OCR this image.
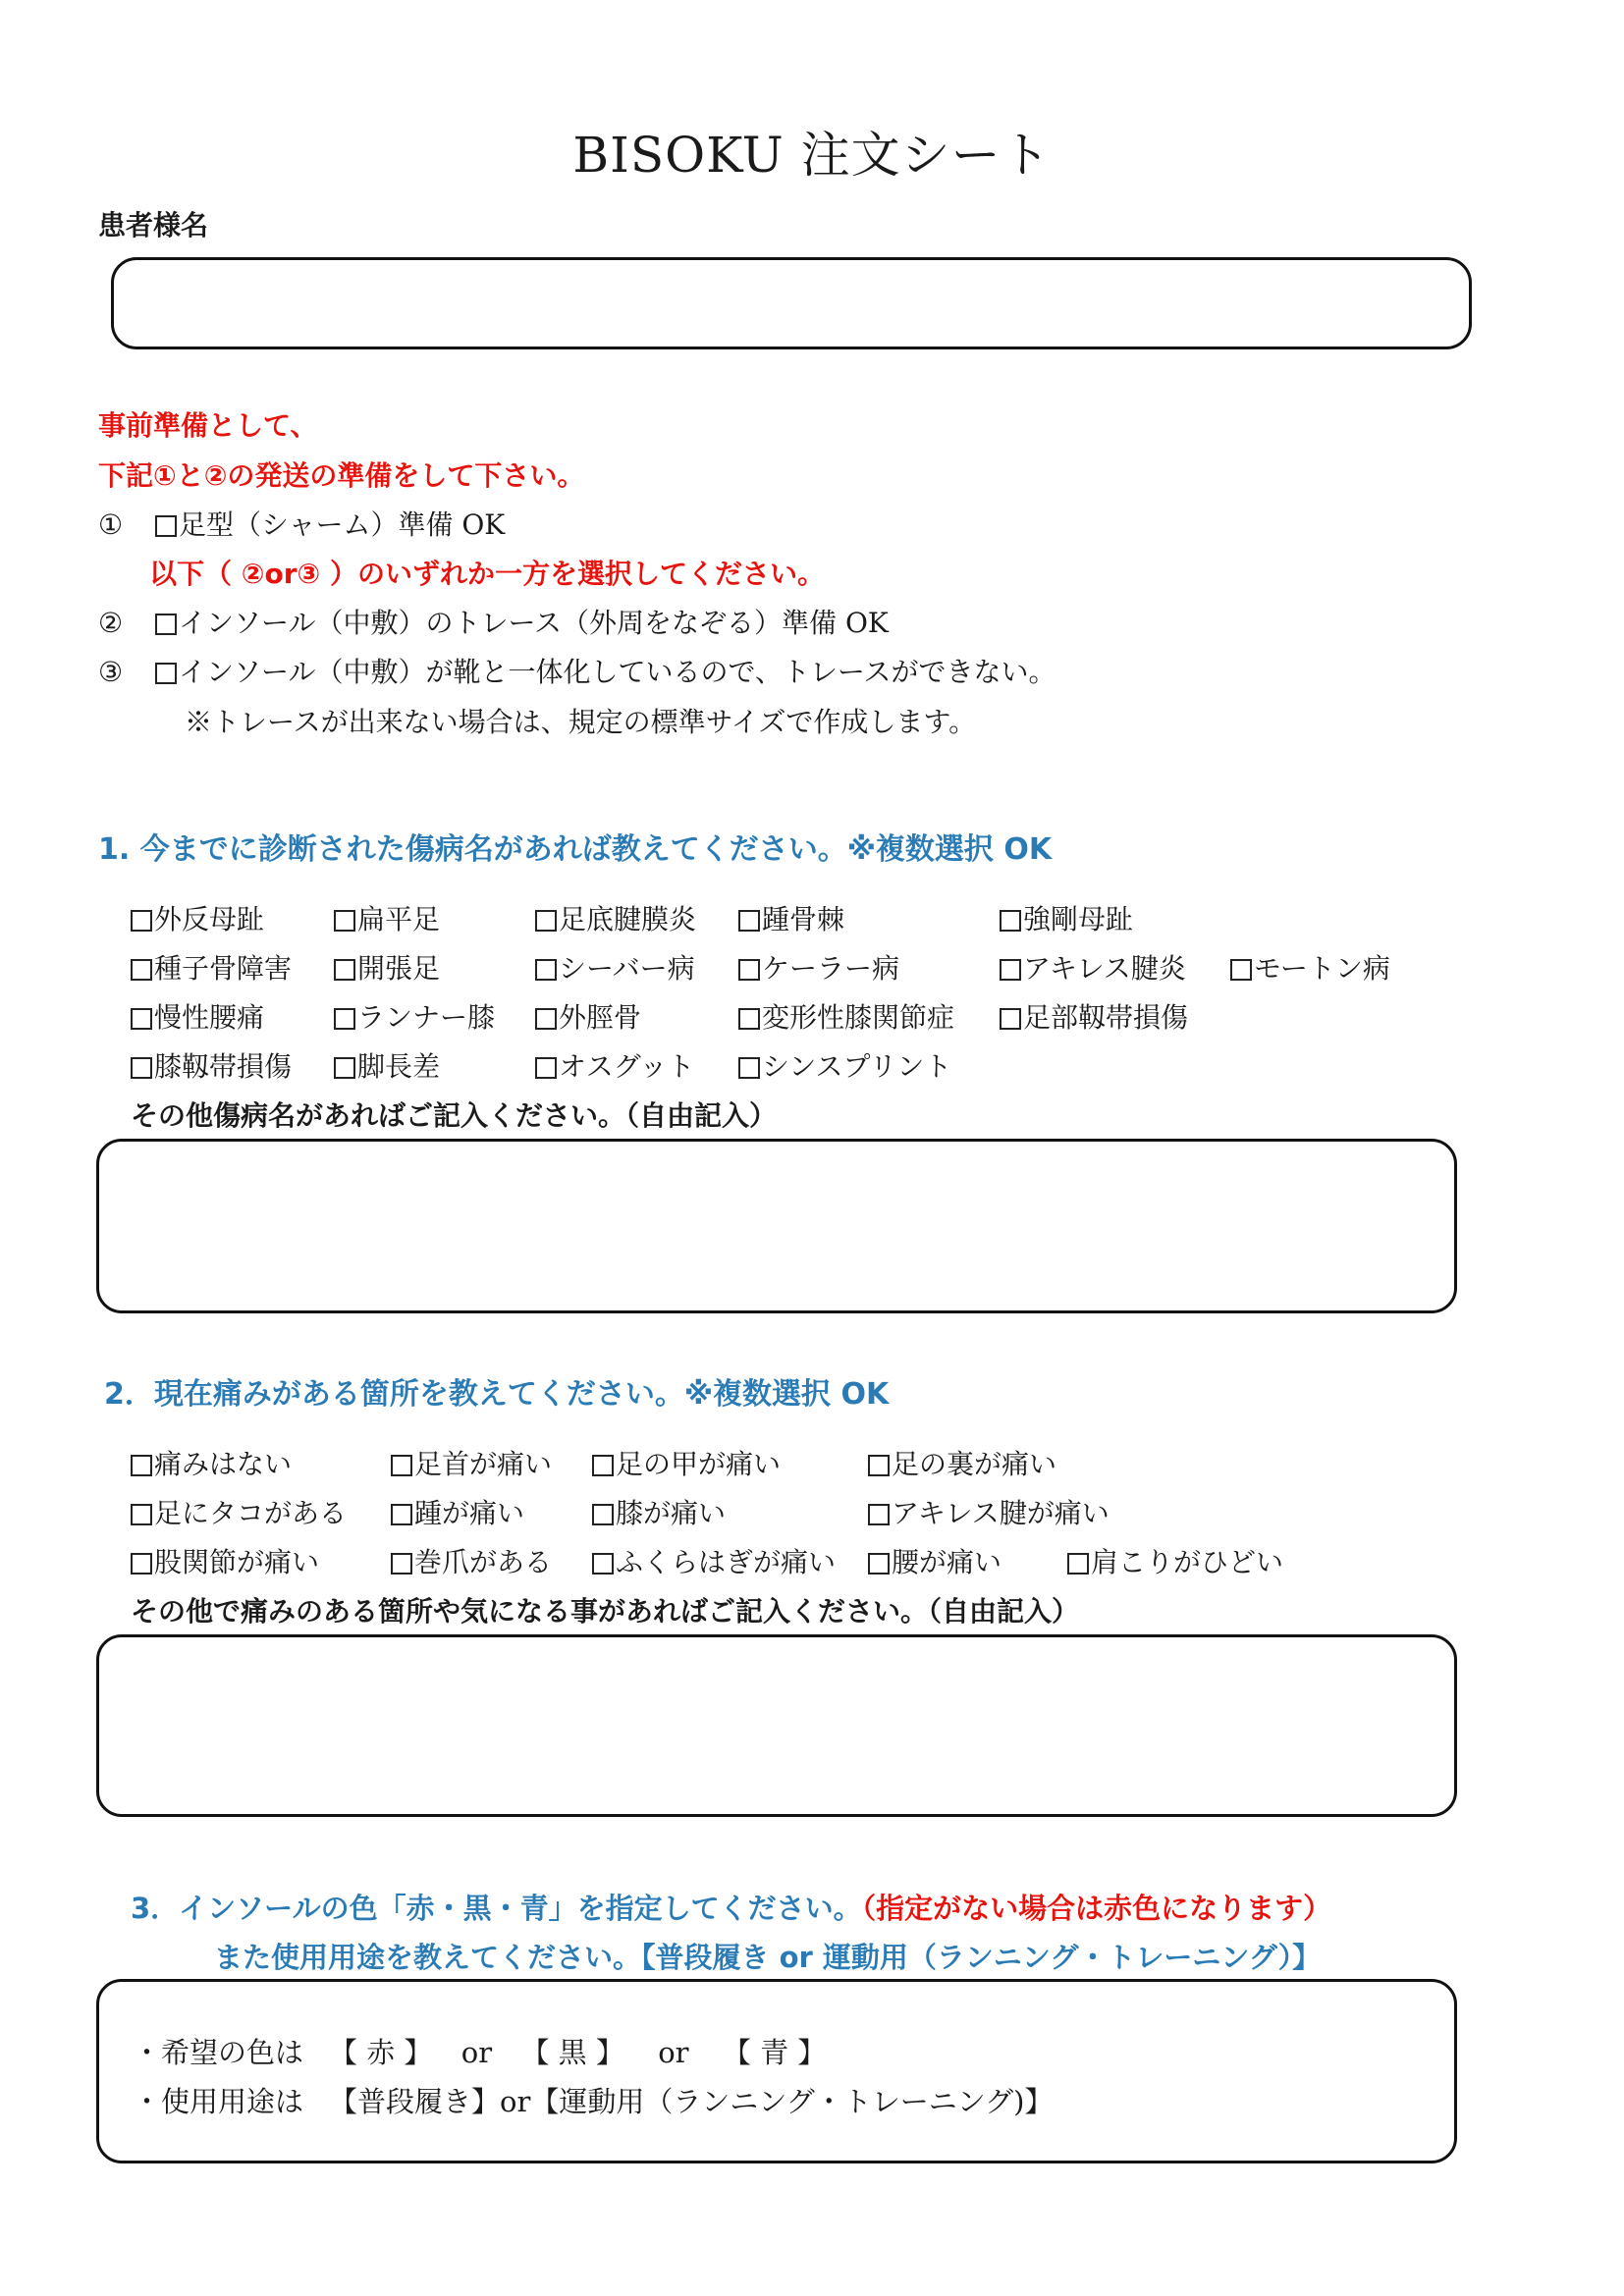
BISOKU 注文シート
患者様名
事前準備として、
下記①と②の発送の準備をして下さい。
① 足型（シャーム）準備 OK
以下（ ②or③ ）のいずれか一方を選択してください。
② インソール（中敷）のトレース（外周をなぞる）準備 OK
③ インソール（中敷）が靴と一体化しているので、トレースができない。
※トレースが出来ない場合は、規定の標準サイズで作成します。
1. 今までに診断された傷病名があれば教えてください。※複数選択 OK
外反母趾	扁平足	足底腱膜炎	踵骨棘	強剛母趾
種子骨障害	開張足	シーバー病	ケーラー病	アキレス腱炎	モートン病
慢性腰痛	ランナー膝	外脛骨	変形性膝関節症	足部靱帯損傷
膝靱帯損傷	脚長差	オスグット	シンスプリント
その他傷病名があればご記入ください。（自由記入）
2．現在痛みがある箇所を教えてください。※複数選択 OK
痛みはない	足首が痛い	足の甲が痛い	足の裏が痛い
足にタコがある	踵が痛い	膝が痛い	アキレス腱が痛い
股関節が痛い	巻爪がある	ふくらはぎが痛い	腰が痛い	肩こりがひどい
その他で痛みのある箇所や気になる事があればご記入ください。（自由記入）
3．インソールの色「赤・黒・青」を指定してください。（指定がない場合は赤色になります）
また使用用途を教えてください。【普段履き or 運動用（ランニング・トレーニング）】
・希望の色は 【 赤 】 or 【 黒 】 or 【 青 】
・使用用途は 【普段履き】or【運動用（ランニング・トレーニング)】
